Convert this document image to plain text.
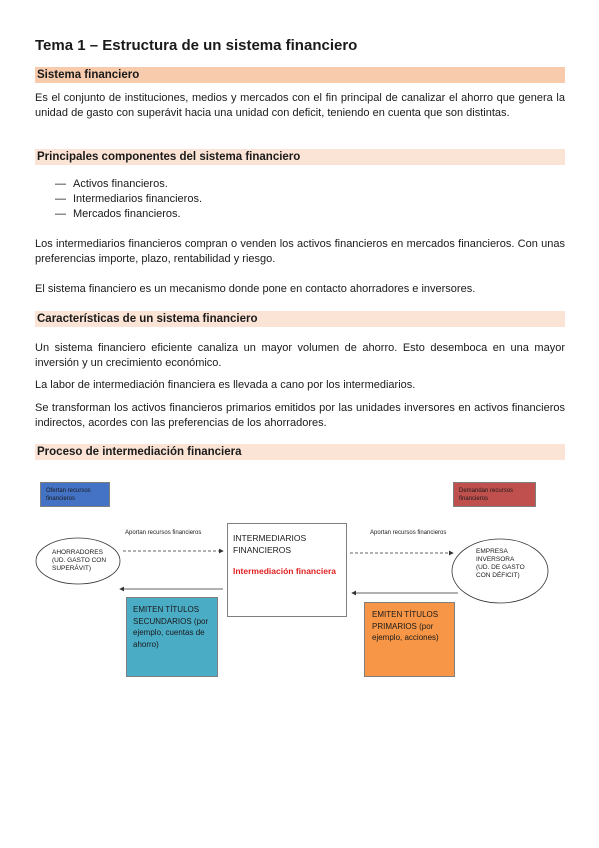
Tema 1 – Estructura de un sistema financiero
Sistema financiero

Es el conjunto de instituciones, medios y mercados con el fin principal de canalizar el ahorro que genera la unidad de gasto con superávit hacia una unidad con deficit, teniendo en cuenta que son distintas.

Principales componentes del sistema financiero
— Activos financieros.
— Intermediarios financieros.
— Mercados financieros.

Los intermediarios financieros compran o venden los activos financieros en mercados financieros. Con unas preferencias importe, plazo, rentabilidad y riesgo.

El sistema financiero es un mecanismo donde pone en contacto ahorradores e inversores.

Características de un sistema financiero

Un sistema financiero eficiente canaliza un mayor volumen de ahorro. Esto desemboca en una mayor inversión y un crecimiento económico.

La labor de intermediación financiera es llevada a cano por los intermediarios.

Se transforman los activos financieros primarios emitidos por las unidades inversores en activos financieros indirectos, acordes con las preferencias de los ahorradores.

Proceso de intermediación financiera
Ofertan recursos financieros
Demandan recursos financieros
Aportan recursos financieros	Aportan recursos financieros
AHORRADORES (UD. GASTO CON SUPERÁVIT)
EMPRESA INVERSORA (UD. DE GASTO CON DÉFICIT)
INTERMEDIARIOS FINANCIEROS
Intermediación financiera
EMITEN TÍTULOS SECUNDARIOS (por ejemplo, cuentas de ahorro)
EMITEN TÍTULOS PRIMARIOS (por ejemplo, acciones)
